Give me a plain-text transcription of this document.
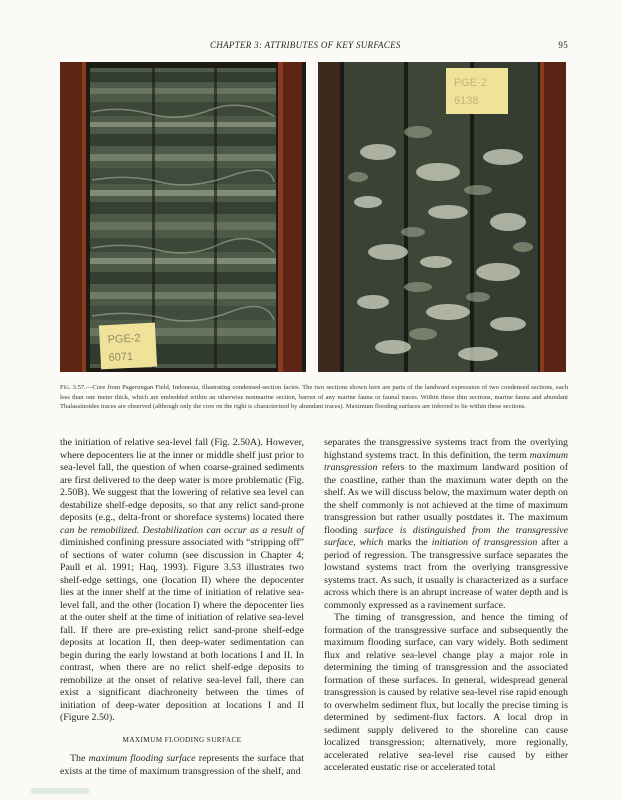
CHAPTER 3: ATTRIBUTES OF KEY SURFACES	95
PGE-2
6071
PGE-2
6138
Fig. 3.57.—Core from Pagerungan Field, Indonesia, illustrating condensed-section facies. The two sections shown here are parts of the landward expression of two condensed sections, each less than one meter thick, which are embedded within an otherwise nonmarine section, barren of any marine fauna or faunal traces. Within these thin sections, marine fauna and abundant Thalassinoides traces are observed (although only the core on the right is characterized by abundant traces). Maximum flooding surfaces are inferred to lie within these sections.

the initiation of relative sea-level fall (Fig. 2.50A). However, where depocenters lie at the inner or middle shelf just prior to sea-level fall, the question of when coarse-grained sediments are first delivered to the deep water is more problematic (Fig. 2.50B). We suggest that the lowering of relative sea level can destabilize shelf-edge deposits, so that any relict sand-prone deposits (e.g., delta-front or shoreface systems) located there can be remobilized. Destabilization can occur as a result of diminished confining pressure associated with “stripping off” of sections of water column (see discussion in Chapter 4; Paull et al. 1991; Haq, 1993). Figure 3.53 illustrates two shelf-edge settings, one (location II) where the depocenter lies at the inner shelf at the time of initiation of relative sea-level fall, and the other (location I) where the depocenter lies at the outer shelf at the time of initiation of relative sea-level fall. If there are pre-existing relict sand-prone shelf-edge deposits at location II, then deep-water sedimentation can begin during the early lowstand at both locations I and II. In contrast, when there are no relict shelf-edge deposits to remobilize at the onset of relative sea-level fall, there can exist a significant diachroneity between the times of initiation of deep-water deposition at locations I and II (Figure 2.50).

MAXIMUM FLOODING SURFACE

The maximum flooding surface represents the surface that exists at the time of maximum transgression of the shelf, and

separates the transgressive systems tract from the overlying highstand systems tract. In this definition, the term maximum transgression refers to the maximum landward position of the coastline, rather than the maximum water depth on the shelf. As we will discuss below, the maximum water depth on the shelf commonly is not achieved at the time of maximum transgression but rather usually postdates it. The maximum flooding surface is distinguished from the transgressive surface, which marks the initiation of transgression after a period of regression. The transgressive surface separates the lowstand systems tract from the overlying transgressive systems tract. As such, it usually is characterized as a surface across which there is an abrupt increase of water depth and is commonly expressed as a ravinement surface.

The timing of transgression, and hence the timing of formation of the transgressive surface and subsequently the maximum flooding surface, can vary widely. Both sediment flux and relative sea-level change play a major role in determining the timing of transgression and the associated formation of these surfaces. In general, widespread general transgression is caused by relative sea-level rise rapid enough to overwhelm sediment flux, but locally the precise timing is determined by sediment-flux factors. A local drop in sediment supply delivered to the shoreline can cause localized transgression; alternatively, more regionally, accelerated relative sea-level rise caused by either accelerated eustatic rise or accelerated total
